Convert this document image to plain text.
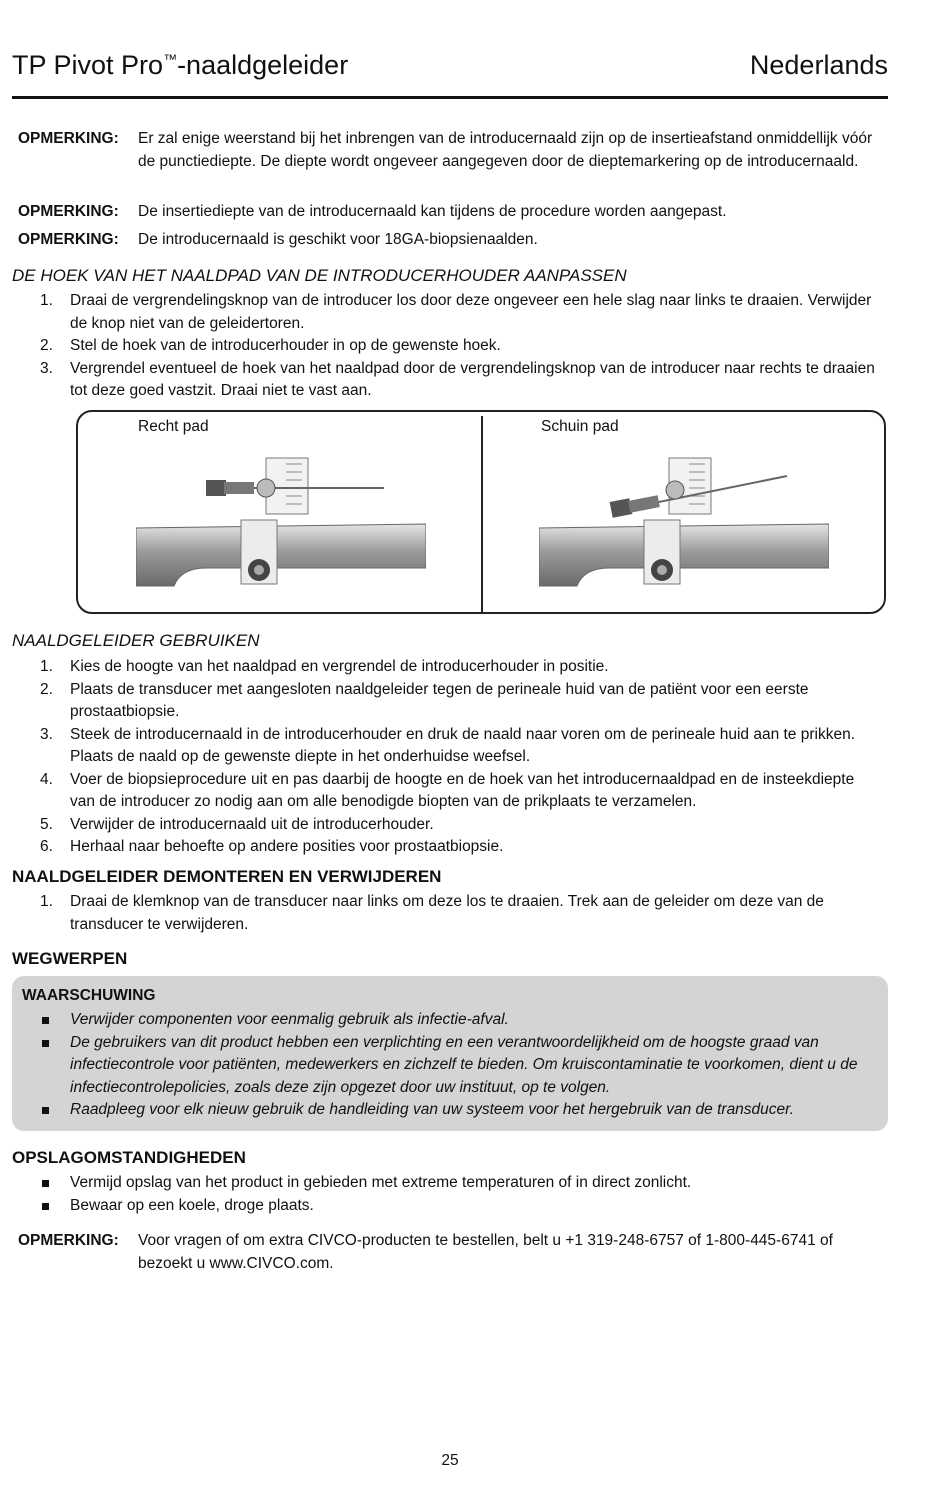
TP Pivot Pro™-naaldgeleider	Nederlands
OPMERKING: Er zal enige weerstand bij het inbrengen van de introducernaald zijn op de insertieafstand onmiddellijk vóór de punctiediepte. De diepte wordt ongeveer aangegeven door de dieptemarkering op de introducernaald.
OPMERKING: De insertiediepte van de introducernaald kan tijdens de procedure worden aangepast.
OPMERKING: De introducernaald is geschikt voor 18GA-biopsienaalden.
DE HOEK VAN HET NAALDPAD VAN DE INTRODUCERHOUDER AANPASSEN
1. Draai de vergrendelingsknop van de introducer los door deze ongeveer een hele slag naar links te draaien. Verwijder de knop niet van de geleidertoren.
2. Stel de hoek van de introducerhouder in op de gewenste hoek.
3. Vergrendel eventueel de hoek van het naaldpad door de vergrendelingsknop van de introducer naar rechts te draaien tot deze goed vastzit. Draai niet te vast aan.
Recht pad	Schuin pad
NAALDGELEIDER GEBRUIKEN
1. Kies de hoogte van het naaldpad en vergrendel de introducerhouder in positie.
2. Plaats de transducer met aangesloten naaldgeleider tegen de perineale huid van de patiënt voor een eerste prostaatbiopsie.
3. Steek de introducernaald in de introducerhouder en druk de naald naar voren om de perineale huid aan te prikken. Plaats de naald op de gewenste diepte in het onderhuidse weefsel.
4. Voer de biopsieprocedure uit en pas daarbij de hoogte en de hoek van het introducernaaldpad en de insteekdiepte van de introducer zo nodig aan om alle benodigde biopten van de prikplaats te verzamelen.
5. Verwijder de introducernaald uit de introducerhouder.
6. Herhaal naar behoefte op andere posities voor prostaatbiopsie.
NAALDGELEIDER DEMONTEREN EN VERWIJDEREN
1. Draai de klemknop van de transducer naar links om deze los te draaien. Trek aan de geleider om deze van de transducer te verwijderen.
WEGWERPEN
WAARSCHUWING
Verwijder componenten voor eenmalig gebruik als infectie-afval.
De gebruikers van dit product hebben een verplichting en een verantwoordelijkheid om de hoogste graad van infectiecontrole voor patiënten, medewerkers en zichzelf te bieden. Om kruiscontaminatie te voorkomen, dient u de infectiecontrolepolicies, zoals deze zijn opgezet door uw instituut, op te volgen.
Raadpleeg voor elk nieuw gebruik de handleiding van uw systeem voor het hergebruik van de transducer.
OPSLAGOMSTANDIGHEDEN
Vermijd opslag van het product in gebieden met extreme temperaturen of in direct zonlicht.
Bewaar op een koele, droge plaats.
OPMERKING: Voor vragen of om extra CIVCO-producten te bestellen, belt u +1 319-248-6757 of 1-800-445-6741 of bezoekt u www.CIVCO.com.
25
